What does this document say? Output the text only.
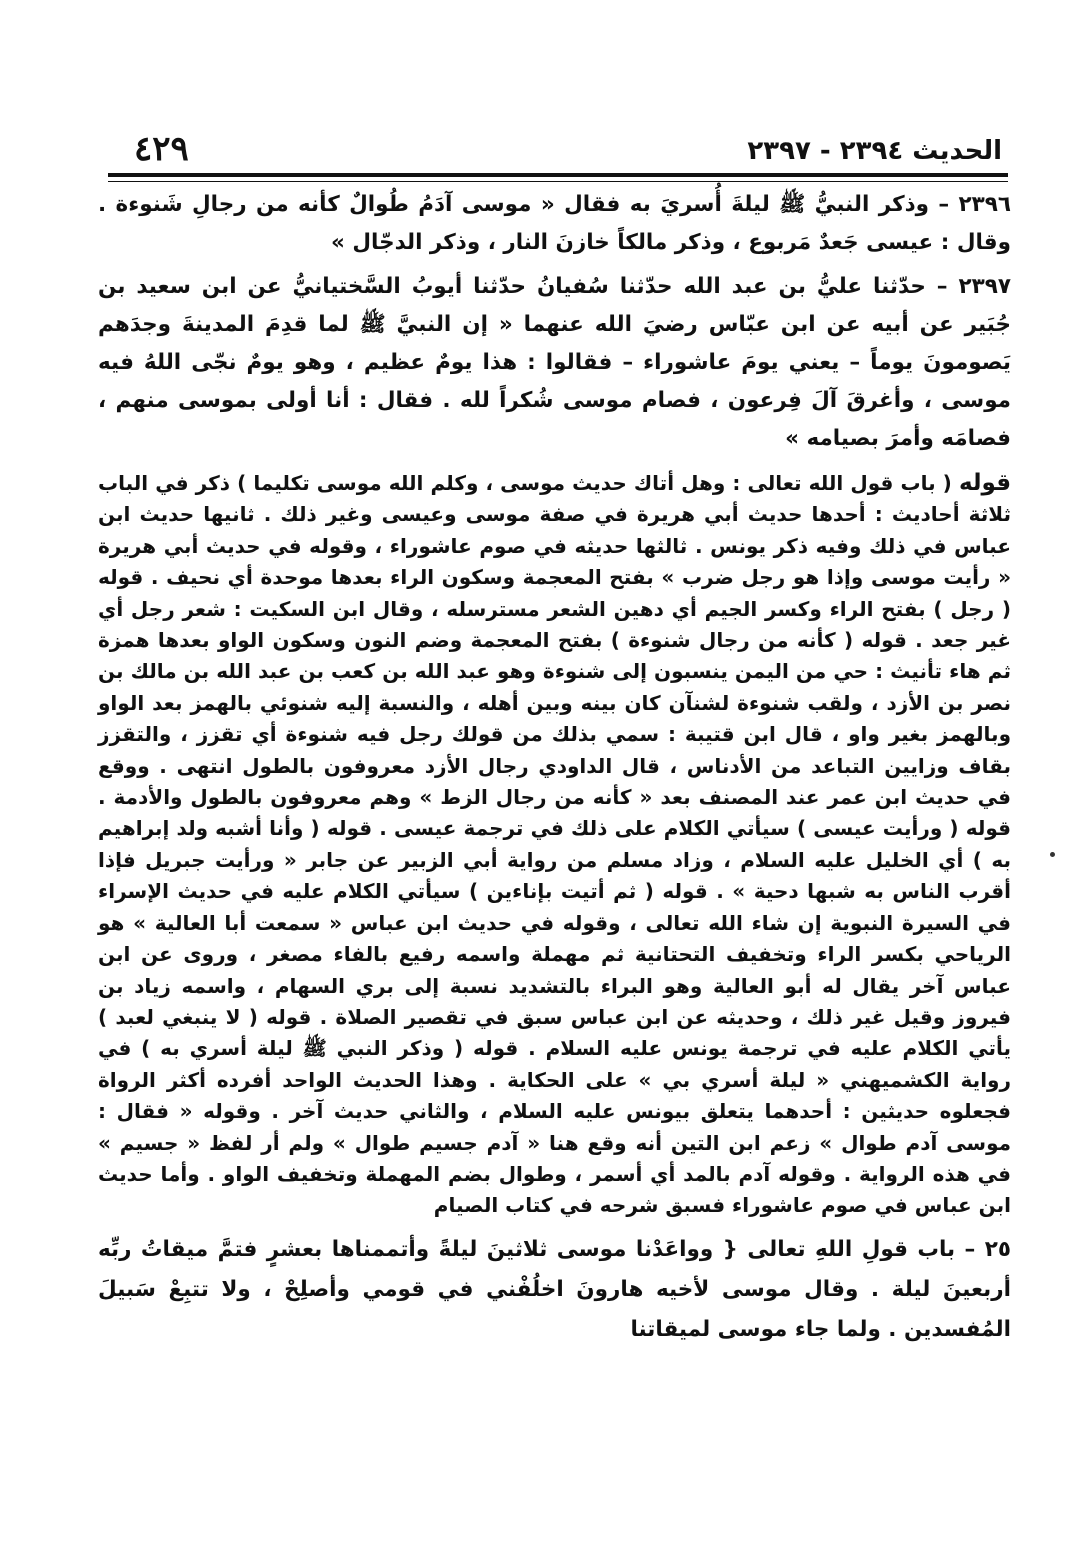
٤٢٩	الحديث ٢٣٩٤ - ٢٣٩٧

٢٣٩٦ – وذكر النبيُّ ﷺ ليلةَ أُسريَ به فقال « موسى آدَمُ طُوالٌ كأنه من رجالِ شَنوءة . وقال : عيسى جَعدٌ مَربوع ، وذكر مالكاً خازنَ النار ، وذكر الدجّال »

٢٣٩٧ – حدّثنا عليُّ بن عبد الله حدّثنا سُفيانُ حدّثنا أيوبُ السَّختيانيُّ عن ابن سعيد بن جُبَير عن أبيه عن ابن عبّاس رضيَ الله عنهما « إن النبيَّ ﷺ لما قدِمَ المدينةَ وجدَهم يَصومونَ يوماً – يعني يومَ عاشوراء – فقالوا : هذا يومٌ عظيم ، وهو يومٌ نجّى اللهُ فيه موسى ، وأغرقَ آلَ فِرعون ، فصام موسى شُكراً لله . فقال : أنا أولى بموسى منهم ، فصامَه وأمرَ بصيامه »

قوله ( باب قول الله تعالى : وهل أتاك حديث موسى ، وكلم الله موسى تكليما ) ذكر في الباب ثلاثة أحاديث : أحدها حديث أبي هريرة في صفة موسى وعيسى وغير ذلك . ثانيها حديث ابن عباس في ذلك وفيه ذكر يونس . ثالثها حديثه في صوم عاشوراء ، وقوله في حديث أبي هريرة « رأيت موسى وإذا هو رجل ضرب » بفتح المعجمة وسكون الراء بعدها موحدة أي نحيف . قوله ( رجل ) بفتح الراء وكسر الجيم أي دهين الشعر مسترسله ، وقال ابن السكيت : شعر رجل أي غير جعد . قوله ( كأنه من رجال شنوءة ) بفتح المعجمة وضم النون وسكون الواو بعدها همزة ثم هاء تأنيث : حي من اليمن ينسبون إلى شنوءة وهو عبد الله بن كعب بن عبد الله بن مالك بن نصر بن الأزد ، ولقب شنوءة لشنآن كان بينه وبين أهله ، والنسبة إليه شنوئي بالهمز بعد الواو وبالهمز بغير واو ، قال ابن قتيبة : سمي بذلك من قولك رجل فيه شنوءة أي تقزز ، والتقزز بقاف وزايين التباعد من الأدناس ، قال الداودي رجال الأزد معروفون بالطول انتهى . ووقع في حديث ابن عمر عند المصنف بعد « كأنه من رجال الزط » وهم معروفون بالطول والأدمة . قوله ( ورأيت عيسى ) سيأتي الكلام على ذلك في ترجمة عيسى . قوله ( وأنا أشبه ولد إبراهيم به ) أي الخليل عليه السلام ، وزاد مسلم من رواية أبي الزبير عن جابر « ورأيت جبريل فإذا أقرب الناس به شبها دحية » . قوله ( ثم أتيت بإناءين ) سيأتي الكلام عليه في حديث الإسراء في السيرة النبوية إن شاء الله تعالى ، وقوله في حديث ابن عباس « سمعت أبا العالية » هو الرياحي بكسر الراء وتخفيف التحتانية ثم مهملة واسمه رفيع بالفاء مصغر ، وروى عن ابن عباس آخر يقال له أبو العالية وهو البراء بالتشديد نسبة إلى بري السهام ، واسمه زياد بن فيروز وقيل غير ذلك ، وحديثه عن ابن عباس سبق في تقصير الصلاة . قوله ( لا ينبغي لعبد ) يأتي الكلام عليه في ترجمة يونس عليه السلام . قوله ( وذكر النبي ﷺ ليلة أسري به ) في رواية الكشميهني « ليلة أسري بي » على الحكاية . وهذا الحديث الواحد أفرده أكثر الرواة فجعلوه حديثين : أحدهما يتعلق بيونس عليه السلام ، والثاني حديث آخر . وقوله « فقال : موسى آدم طوال » زعم ابن التين أنه وقع هنا « آدم جسيم طوال » ولم أر لفظ « جسيم » في هذه الرواية . وقوله آدم بالمد أي أسمر ، وطوال بضم المهملة وتخفيف الواو . وأما حديث ابن عباس في صوم عاشوراء فسبق شرحه في كتاب الصيام

٢٥ – باب قولِ اللهِ تعالى { وواعَدْنا موسى ثلاثينَ ليلةً وأتممناها بعشرٍ فتمَّ ميقاتُ ربِّه أربعينَ ليلة . وقال موسى لأخيه هارونَ اخلُفْني في قومي وأصلِحْ ، ولا تتبِعْ سَبيلَ المُفسدين . ولما جاء موسى لميقاتنا
